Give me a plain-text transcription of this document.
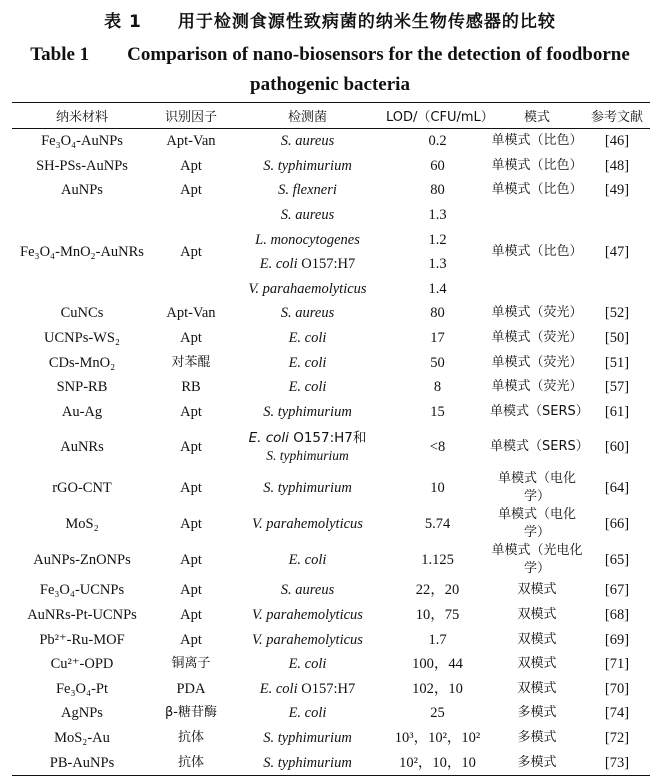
表 1　　用于检测食源性致病菌的纳米生物传感器的比较
Table 1　　Comparison of nano-biosensors for the detection of foodborne
pathogenic bacteria
纳米材料	识别因子	检测菌	LOD/（CFU/mL）	模式	参考文献
Fe₃O₄-AuNPs	Apt-Van	S. aureus	0.2	单模式（比色）	[46]
SH-PSs-AuNPs	Apt	S. typhimurium	60	单模式（比色）	[48]
AuNPs	Apt	S. flexneri	80	单模式（比色）	[49]
Fe₃O₄-MnO₂-AuNRs	Apt	S. aureus	1.3	单模式（比色）	[47]
		L. monocytogenes	1.2		
		E. coli O157:H7	1.3		
		V. parahaemolyticus	1.4		
CuNCs	Apt-Van	S. aureus	80	单模式（荧光）	[52]
UCNPs-WS₂	Apt	E. coli	17	单模式（荧光）	[50]
CDs-MnO₂	对苯醌	E. coli	50	单模式（荧光）	[51]
SNP-RB	RB	E. coli	8	单模式（荧光）	[57]
Au-Ag	Apt	S. typhimurium	15	单模式（SERS）	[61]
AuNRs	Apt	E. coli O157:H7和
S. typhimurium	<8	单模式（SERS）	[60]
rGO-CNT	Apt	S. typhimurium	10	单模式（电化学）	[64]
MoS₂	Apt	V. parahemolyticus	5.74	单模式（电化学）	[66]
AuNPs-ZnONPs	Apt	E. coli	1.125	单模式（光电化学）	[65]
Fe₃O₄-UCNPs	Apt	S. aureus	22，20	双模式	[67]
AuNRs-Pt-UCNPs	Apt	V. parahemolyticus	10，75	双模式	[68]
Pb²⁺-Ru-MOF	Apt	V. parahemolyticus	1.7	双模式	[69]
Cu²⁺-OPD	铜离子	E. coli	100，44	双模式	[71]
Fe₃O₄-Pt	PDA	E. coli O157:H7	102，10	双模式	[70]
AgNPs	β-糖苷酶	E. coli	25	多模式	[74]
MoS₂-Au	抗体	S. typhimurium	10³，10²，10²	多模式	[72]
PB-AuNPs	抗体	S. typhimurium	10²，10，10	多模式	[73]
